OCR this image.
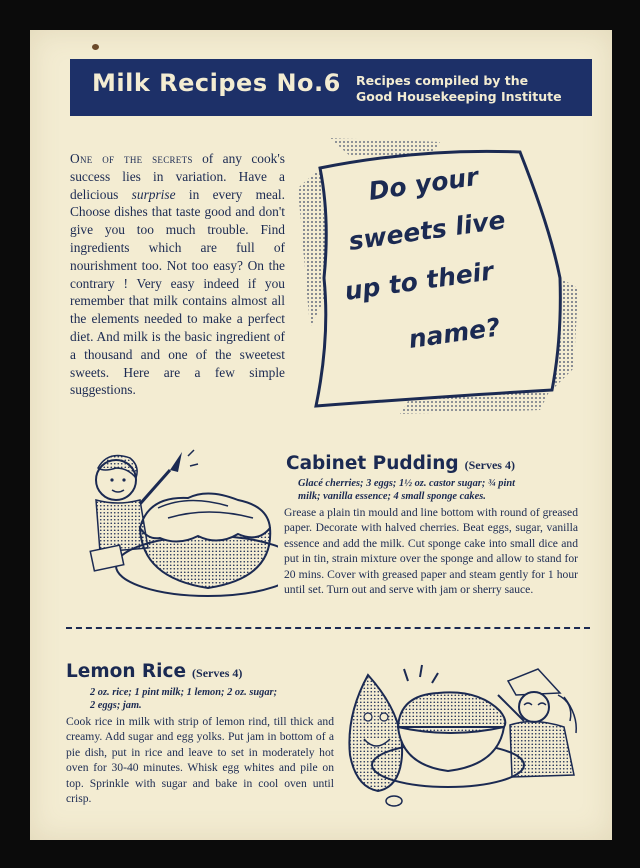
Milk Recipes No.6 Recipes compiled by the
Good Housekeeping Institute
One of the secrets of any cook's success lies in variation. Have a delicious surprise in every meal. Choose dishes that taste good and don't give you too much trouble. Find ingredients which are full of nourishment too. Not too easy? On the contrary ! Very easy indeed if you remember that milk contains almost all the elements needed to make a perfect diet. And milk is the basic ingredient of a thousand and one of the sweetest sweets. Here are a few simple suggestions.
Do your
sweets live
up to their
name?
Cabinet Pudding (Serves 4)
Glacé cherries; 3 eggs; 1½ oz. castor sugar; ¾ pint
milk; vanilla essence; 4 small sponge cakes.
Grease a plain tin mould and line bottom with round of greased paper. Decorate with halved cherries. Beat eggs, sugar, vanilla essence and add the milk. Cut sponge cake into small dice and put in tin, strain mixture over the sponge and allow to stand for 20 mins. Cover with greased paper and steam gently for 1 hour until set. Turn out and serve with jam or sherry sauce.
Lemon Rice (Serves 4)
2 oz. rice; 1 pint milk; 1 lemon; 2 oz. sugar;
2 eggs; jam.
Cook rice in milk with strip of lemon rind, till thick and creamy. Add sugar and egg yolks. Put jam in bottom of a pie dish, put in rice and leave to set in moderately hot oven for 30-40 minutes. Whisk egg whites and pile on top. Sprinkle with sugar and bake in cool oven until crisp.
